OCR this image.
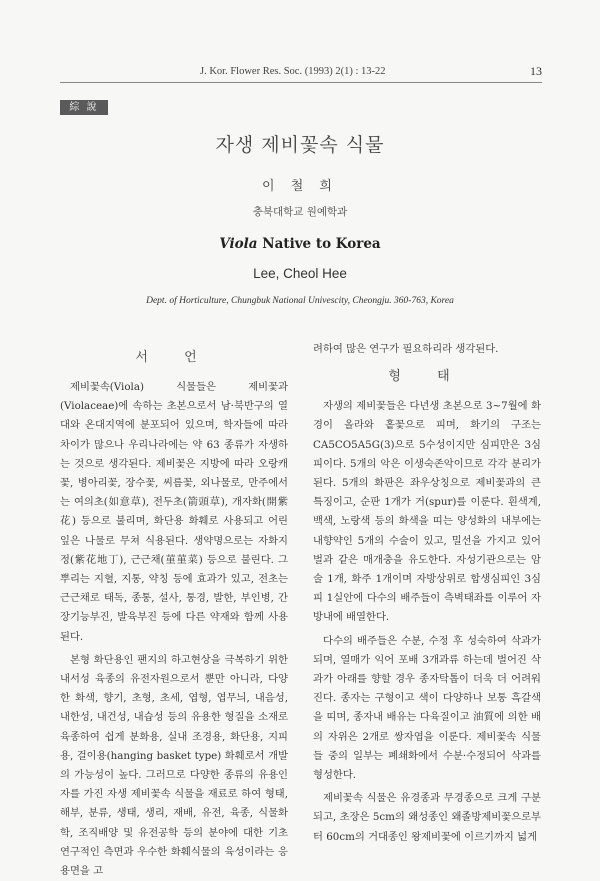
J. Kor. Flower Res. Soc. (1993) 2(1) : 13-22	13
綜 說
자생 제비꽃속 식물
이 철 희
충북대학교 원예학과
Viola Native to Korea
Lee, Cheol Hee
Dept. of Horticulture, Chungbuk National Univescity, Cheongju. 360-763, Korea
서 언

제비꽃속(Viola) 식물들은 제비꽃과(Violaceae)에 속하는 초본으로서 남·북반구의 열대와 온대지역에 분포되어 있으며, 학자들에 따라 차이가 많으나 우리나라에는 약 63 종류가 자생하는 것으로 생각된다. 제비꽃은 지방에 따라 오랑캐꽃, 병아리꽃, 장수꽃, 씨름꽃, 외나물로, 만주에서는 여의초(如意草), 전두초(箭頭草), 개자화(開紫花) 등으로 불리며, 화단용 화훼로 사용되고 어린 잎은 나물로 무쳐 식용된다. 생약명으로는 자화지정(紫花地丁), 근근채(菫菫菜) 등으로 불린다. 그 뿌리는 지혈, 지통, 약칭 등에 효과가 있고, 전초는 근근채로 태독, 종통, 설사, 통경, 발한, 부인병, 간장기능부진, 발육부진 등에 다른 약재와 함께 사용된다.

본형 화단용인 팬지의 하고현상을 극복하기 위한 내서성 육종의 유전자원으로서 뿐만 아니라, 다양한 화색, 향기, 초형, 초세, 엽형, 엽무늬, 내음성, 내한성, 내건성, 내습성 등의 유용한 형질을 소재로 육종하여 쉽게 분화용, 실내 조경용, 화단용, 지피용, 걸이용(hanging basket type) 화훼로서 개발의 가능성이 높다. 그러므로 다양한 종류의 유용인자를 가진 자생 제비꽃속 식물을 재료로 하여 형태, 해부, 분류, 생태, 생리, 재배, 유전, 육종, 식물화학, 조직배양 및 유전공학 등의 분야에 대한 기초 연구적인 측면과 우수한 화훼식물의 육성이라는 응용면을 고

려하여 많은 연구가 필요하리라 생각된다.

형 태

자생의 제비꽃들은 다년생 초본으로 3~7월에 화경이 올라와 홑꽃으로 피며, 화기의 구조는 CA5CO5A5G(3)으로 5수성이지만 심피만은 3심피이다. 5개의 악은 이생숙존악이므로 각각 분리가 된다. 5개의 화판은 좌우상칭으로 제비꽃과의 큰 특징이고, 순판 1개가 거(spur)를 이룬다. 흰색계, 백색, 노랑색 등의 화색을 띠는 양성화의 내부에는 내향약인 5개의 수술이 있고, 밀선을 가지고 있어 벌과 같은 매개충을 유도한다. 자성기관으로는 암술 1개, 화주 1개이며 자방상위로 합생심피인 3심피 1실안에 다수의 배주들이 측벽태좌를 이루어 자방내에 배열한다.

다수의 배주들은 수분, 수정 후 성숙하여 삭과가 되며, 열매가 익어 포배 3개과류 하는데 벌어진 삭과가 아래를 향할 경우 종자탁톱이 더욱 더 어려워진다. 종자는 구형이고 색이 다양하나 보통 흑갈색을 띠며, 종자내 배유는 다육질이고 油質에 의한 배의 자위은 2개로 쌍자엽을 이룬다. 제비꽃속 식물들 중의 일부는 폐쇄화에서 수분·수정되어 삭과를 형성한다.

제비꽃속 식물은 유경종과 무경종으로 크게 구분되고, 초장은 5cm의 왜성종인 왜졸방제비꽃으로부터 60cm의 거대종인 왕제비꽃에 이르기까지 넓게
